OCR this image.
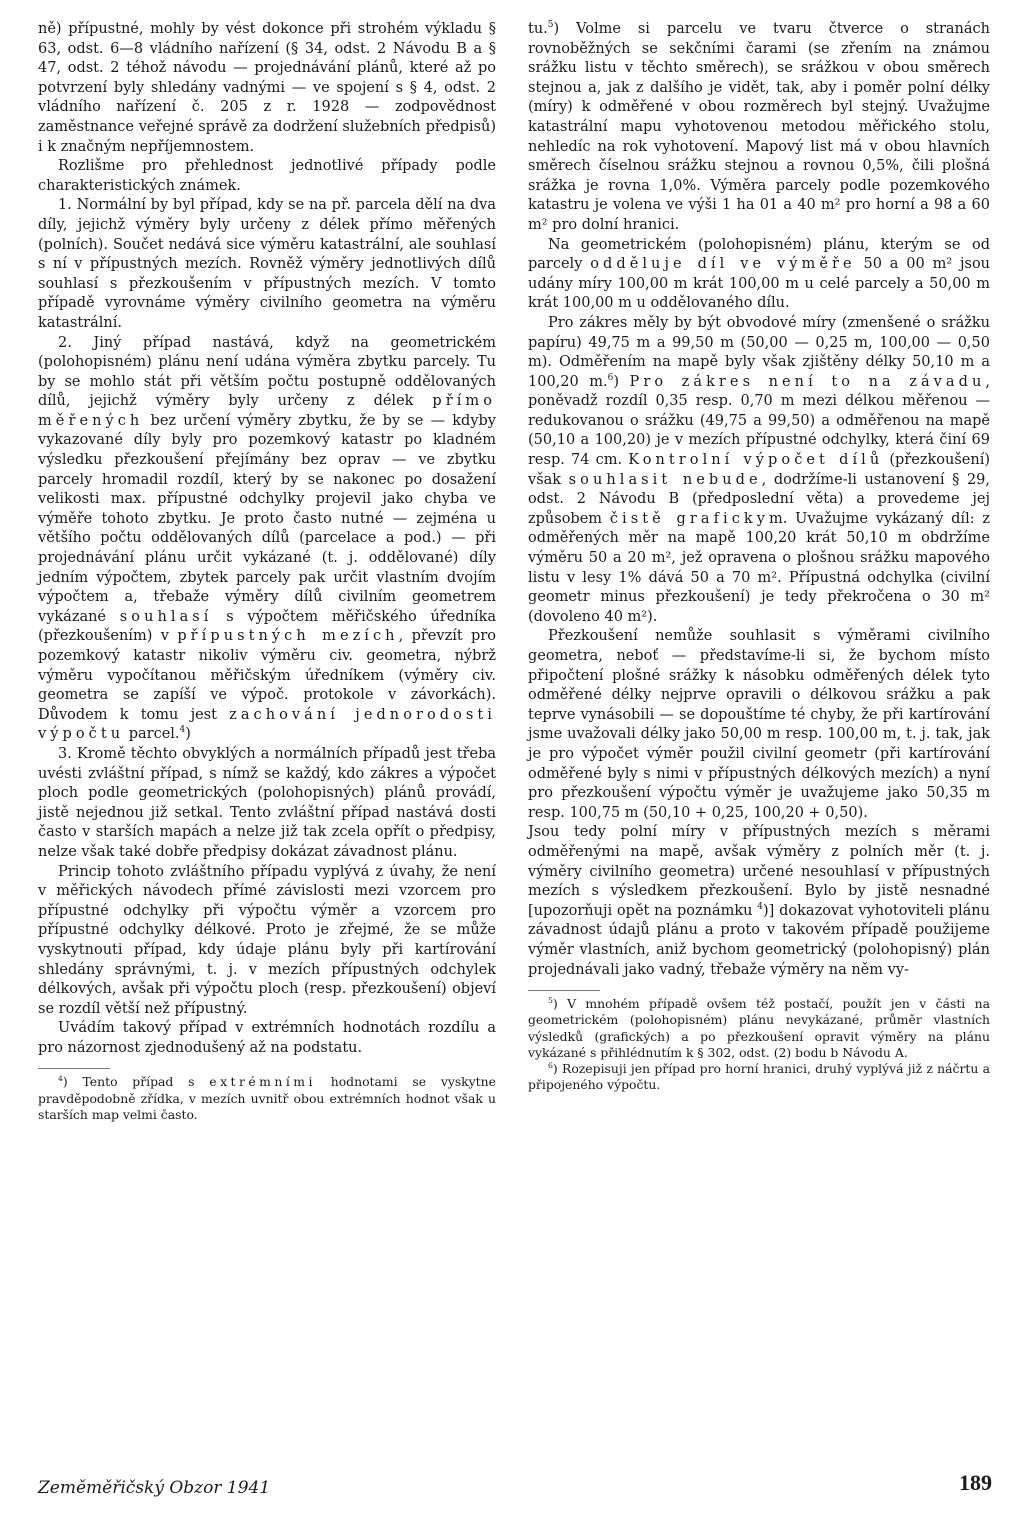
ně) přípustné, mohly by vést dokonce při strohém výkladu § 63, odst. 6—8 vládního nařízení (§ 34, odst. 2 Návodu B a § 47, odst. 2 téhož návodu — projednávání plánů, které až po potvrzení byly shledány vadnými — ve spojení s § 4, odst. 2 vládního nařízení č. 205 z r. 1928 — zodpovědnost zaměstnance veřejné správě za dodržení služebních předpisů) i k značným nepříjemnostem.

Rozlišme pro přehlednost jednotlivé případy podle charakteristických známek.

1. Normální by byl případ, kdy se na př. parcela dělí na dva díly, jejichž výměry byly určeny z délek přímo měřených (polních). Součet nedává sice výměru katastrální, ale souhlasí s ní v přípustných mezích. Rovněž výměry jednotlivých dílů souhlasí s přezkoušením v přípustných mezích. V tomto případě vyrovnáme výměry civilního geometra na výměru katastrální.

2. Jiný případ nastává, když na geometrickém (polohopisném) plánu není udána výměra zbytku parcely. Tu by se mohlo stát při větším počtu postupně oddělovaných dílů, jejichž výměry byly určeny z délek přímo měřených bez určení výměry zbytku, že by se — kdyby vykazované díly byly pro pozemkový katastr po kladném výsledku přezkoušení přejímány bez oprav — ve zbytku parcely hromadil rozdíl, který by se nakonec po dosažení velikosti max. přípustné odchylky projevil jako chyba ve výměře tohoto zbytku. Je proto často nutné — zejména u většího počtu oddělovaných dílů (parcelace a pod.) — při projednávání plánu určit vykázané (t. j. oddělované) díly jedním výpočtem, zbytek parcely pak určit vlastním dvojím výpočtem a, třebaže výměry dílů civilním geometrem vykázané souhlasí s výpočtem měřičského úředníka (přezkoušením) v přípustných mezích, převzít pro pozemkový katastr nikoliv výměru civ. geometra, nýbrž výměru vypočítanou měřičským úředníkem (výměry civ. geometra se zapíší ve výpoč. protokole v závorkách). Důvodem k tomu jest zachování jednorodosti výpočtu parcel.$^4$)

3. Kromě těchto obvyklých a normálních případů jest třeba uvésti zvláštní případ, s nímž se každý, kdo zákres a výpočet ploch podle geometrických (polohopisných) plánů provádí, jistě nejednou již setkal. Tento zvláštní případ nastává dosti často v starších mapách a nelze již tak zcela opřít o předpisy, nelze však také dobře předpisy dokázat závadnost plánu.

Princip tohoto zvláštního případu vyplývá z úvahy, že není v měřických návodech přímé závislosti mezi vzorcem pro přípustné odchylky při výpočtu výměr a vzorcem pro přípustné odchylky délkové. Proto je zřejmé, že se může vyskytnouti případ, kdy údaje plánu byly při kartírování shledány správnými, t. j. v mezích přípustných odchylek délkových, avšak při výpočtu ploch (resp. přezkoušení) objeví se rozdíl větší než přípustný.

Uvádím takový případ v extrémních hodnotách rozdílu a pro názornost zjednodušený až na podstatu.

$^4$) Tento případ s extrémními hodnotami se vyskytne pravděpodobně zřídka, v mezích uvnitř obou extrémních hodnot však u starších map velmi často.

tu.$^5$) Volme si parcelu ve tvaru čtverce o stranách rovnoběžných se sekčními čarami (se zřením na známou srážku listu v těchto směrech), se srážkou v obou směrech stejnou a, jak z dalšího je vidět, tak, aby i poměr polní délky (míry) k odměřené v obou rozměrech byl stejný. Uvažujme katastrální mapu vyhotovenou metodou měřického stolu, nehledíc na rok vyhotovení. Mapový list má v obou hlavních směrech číselnou srážku stejnou a rovnou 0,5%, čili plošná srážka je rovna 1,0%. Výměra parcely podle pozemkového katastru je volena ve výši 1 ha 01 a 40 m² pro horní a 98 a 60 m² pro dolní hranici.

Na geometrickém (polohopisném) plánu, kterým se od parcely odděluje díl ve výměře 50 a 00 m² jsou udány míry 100,00 m krát 100,00 m u celé parcely a 50,00 m krát 100,00 m u oddělovaného dílu.

Pro zákres měly by být obvodové míry (zmenšené o srážku papíru) 49,75 m a 99,50 m (50,00 — 0,25 m, 100,00 — 0,50 m). Odměřením na mapě byly však zjištěny délky 50,10 m a 100,20 m.$^6$) Pro zákres není to na závadu, poněvadž rozdíl 0,35 resp. 0,70 m mezi délkou měřenou — redukovanou o srážku (49,75 a 99,50) a odměřenou na mapě (50,10 a 100,20) je v mezích přípustné odchylky, která činí 69 resp. 74 cm. Kontrolní výpočet dílů (přezkoušení) však souhlasit nebude, dodržíme-li ustanovení § 29, odst. 2 Návodu B (předposlední věta) a provedeme jej způsobem čistě grafickym. Uvažujme vykázaný díl: z odměřených měr na mapě 100,20 krát 50,10 m obdržíme výměru 50 a 20 m², jež opravena o plošnou srážku mapového listu v lesy 1% dává 50 a 70 m². Přípustná odchylka (civilní geometr minus přezkoušení) je tedy překročena o 30 m² (dovoleno 40 m²).

Přezkoušení nemůže souhlasit s výměrami civilního geometra, neboť — představíme-li si, že bychom místo připočtení plošné srážky k násobku odměřených délek tyto odměřené délky nejprve opravili o délkovou srážku a pak teprve vynásobili — se dopouštíme té chyby, že při kartírování jsme uvažovali délky jako 50,00 m resp. 100,00 m, t. j. tak, jak je pro výpočet výměr použil civilní geometr (při kartírování odměřené byly s nimi v přípustných délkových mezích) a nyní pro přezkoušení výpočtu výměr je uvažujeme jako 50,35 m resp. 100,75 m (50,10 + 0,25, 100,20 + 0,50).

Jsou tedy polní míry v přípustných mezích s měrami odměřenými na mapě, avšak výměry z polních měr (t. j. výměry civilního geometra) určené nesouhlasí v přípustných mezích s výsledkem přezkoušení. Bylo by jistě nesnadné [upozorňuji opět na poznámku $^4$)] dokazovat vyhotoviteli plánu závadnost údajů plánu a proto v takovém případě použijeme výměr vlastních, aniž bychom geometrický (polohopisný) plán projednávali jako vadný, třebaže výměry na něm vy-

$^5$) V mnohém případě ovšem též postačí, použít jen v části na geometrickém (polohopisném) plánu nevykázané, průměr vlastních výsledků (grafických) a po přezkoušení opravit výměry na plánu vykázané s přihlédnutím k § 302, odst. (2) bodu b Návodu A.

$^6$) Rozepisuji jen případ pro horní hranici, druhý vyplývá již z náčrtu a připojeného výpočtu.

Zeměměřičský Obzor 1941	189
